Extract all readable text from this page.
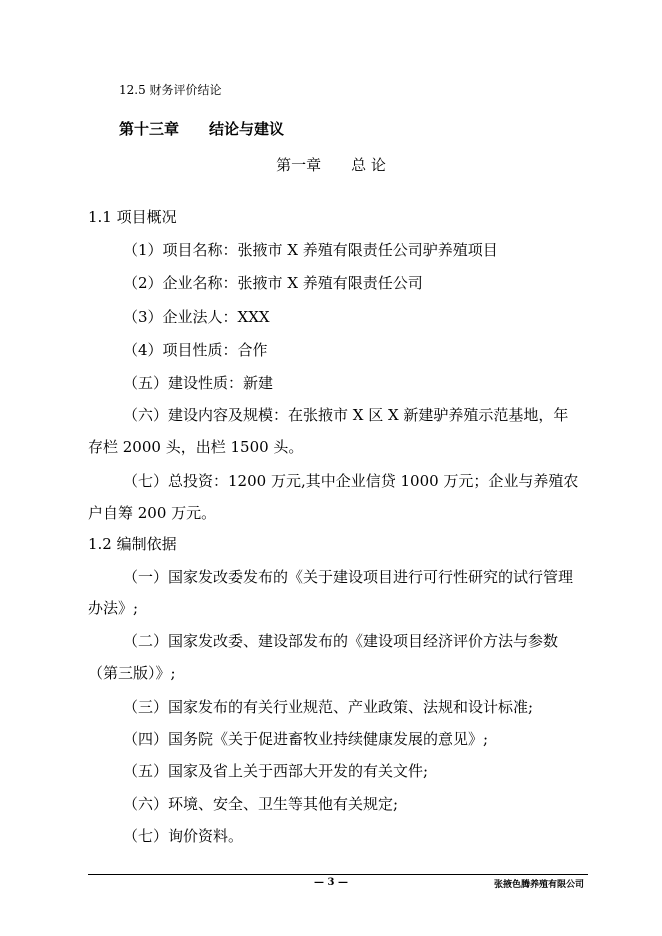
12.5 财务评价结论
第十三章　　结论与建议
第一章　　总 论
1.1 项目概况
（1）项目名称：张掖市 X 养殖有限责任公司驴养殖项目
（2）企业名称：张掖市 X 养殖有限责任公司
（3）企业法人：XXX
（4）项目性质：合作
（五）建设性质：新建
（六）建设内容及规模：在张掖市 X 区 X 新建驴养殖示范基地，年
存栏 2000 头，出栏 1500 头。
（七）总投资：1200 万元,其中企业信贷 1000 万元；企业与养殖农
户自筹 200 万元。
1.2 编制依据
（一）国家发改委发布的《关于建设项目进行可行性研究的试行管理
办法》;
（二）国家发改委、建设部发布的《建设项目经济评价方法与参数
（第三版）》;
（三）国家发布的有关行业规范、产业政策、法规和设计标准;
（四）国务院《关于促进畜牧业持续健康发展的意见》;
（五）国家及省上关于西部大开发的有关文件;
（六）环境、安全、卫生等其他有关规定;
（七）询价资料。
— 3 —	张掖色腾养殖有限公司
